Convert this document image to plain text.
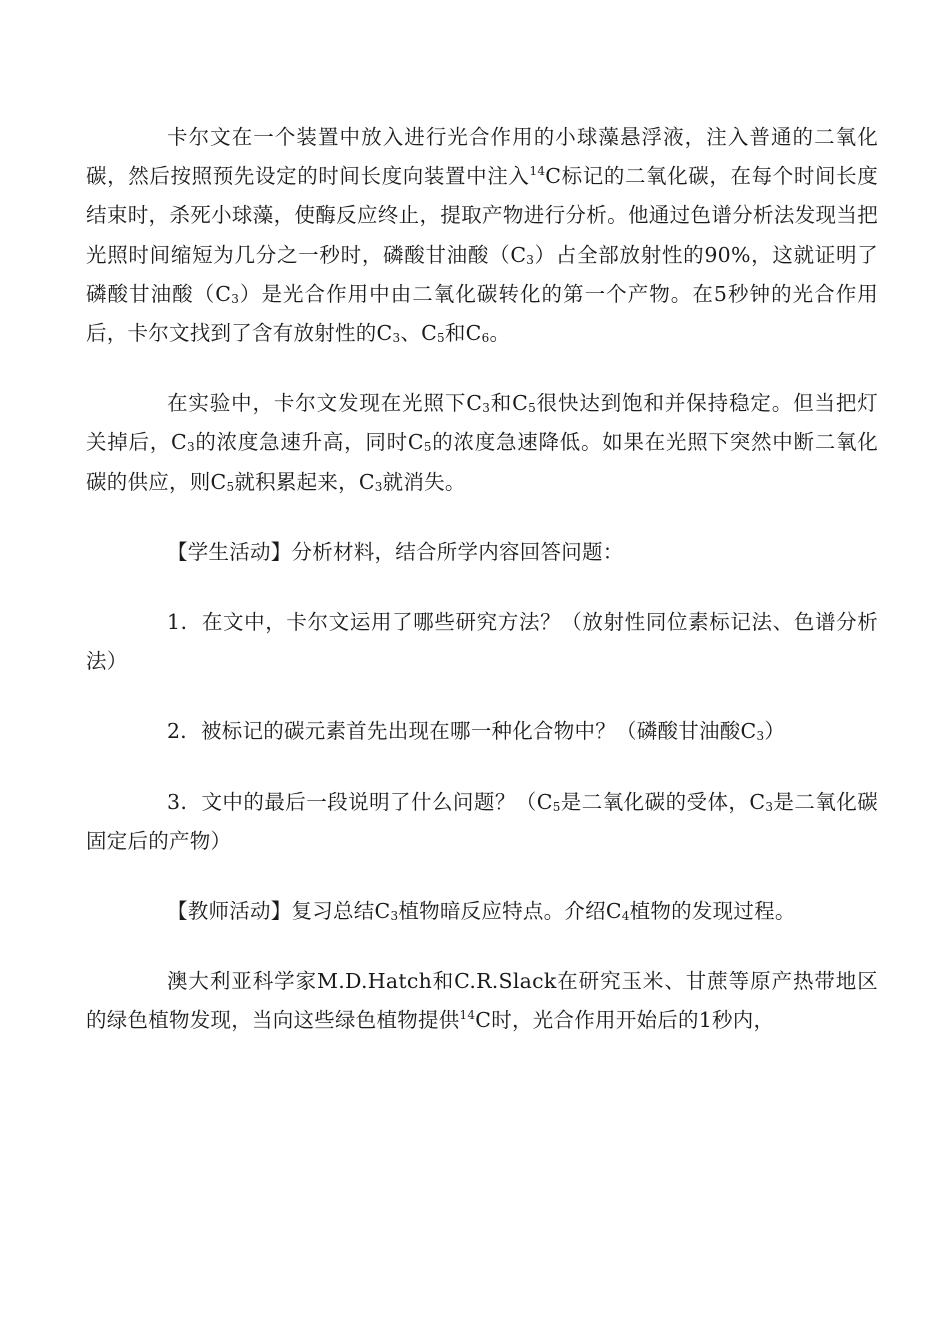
卡尔文在一个装置中放入进行光合作用的小球藻悬浮液，注入普通的二氧化碳，然后按照预先设定的时间长度向装置中注入$^{14}$C标记的二氧化碳，在每个时间长度结束时，杀死小球藻，使酶反应终止，提取产物进行分析。他通过色谱分析法发现当把光照时间缩短为几分之一秒时，磷酸甘油酸$(C_3)$占全部放射性的90%，这就证明了磷酸甘油酸$(C_3)$是光合作用中由二氧化碳转化的第一个产物。在5秒钟的光合作用后，卡尔文找到了含有放射性的$C_3$、$C_5$和$C_6$。

在实验中，卡尔文发现在光照下$C_3$和$C_5$很快达到饱和并保持稳定。但当把灯关掉后，$C_3$的浓度急速升高，同时$C_5$的浓度急速降低。如果在光照下突然中断二氧化碳的供应，则$C_5$就积累起来，$C_3$就消失。

【学生活动】分析材料，结合所学内容回答问题：

1．在文中，卡尔文运用了哪些研究方法？（放射性同位素标记法、色谱分析法）

2．被标记的碳元素首先出现在哪一种化合物中？（磷酸甘油酸$C_3$）

3．文中的最后一段说明了什么问题？（$C_5$是二氧化碳的受体，$C_3$是二氧化碳固定后的产物）

【教师活动】复习总结$C_3$植物暗反应特点。介绍$C_4$植物的发现过程。

澳大利亚科学家M.D.Hatch和C.R.Slack在研究玉米、甘蔗等原产热带地区的绿色植物发现，当向这些绿色植物提供$^{14}$C时，光合作用开始后的1秒内，
